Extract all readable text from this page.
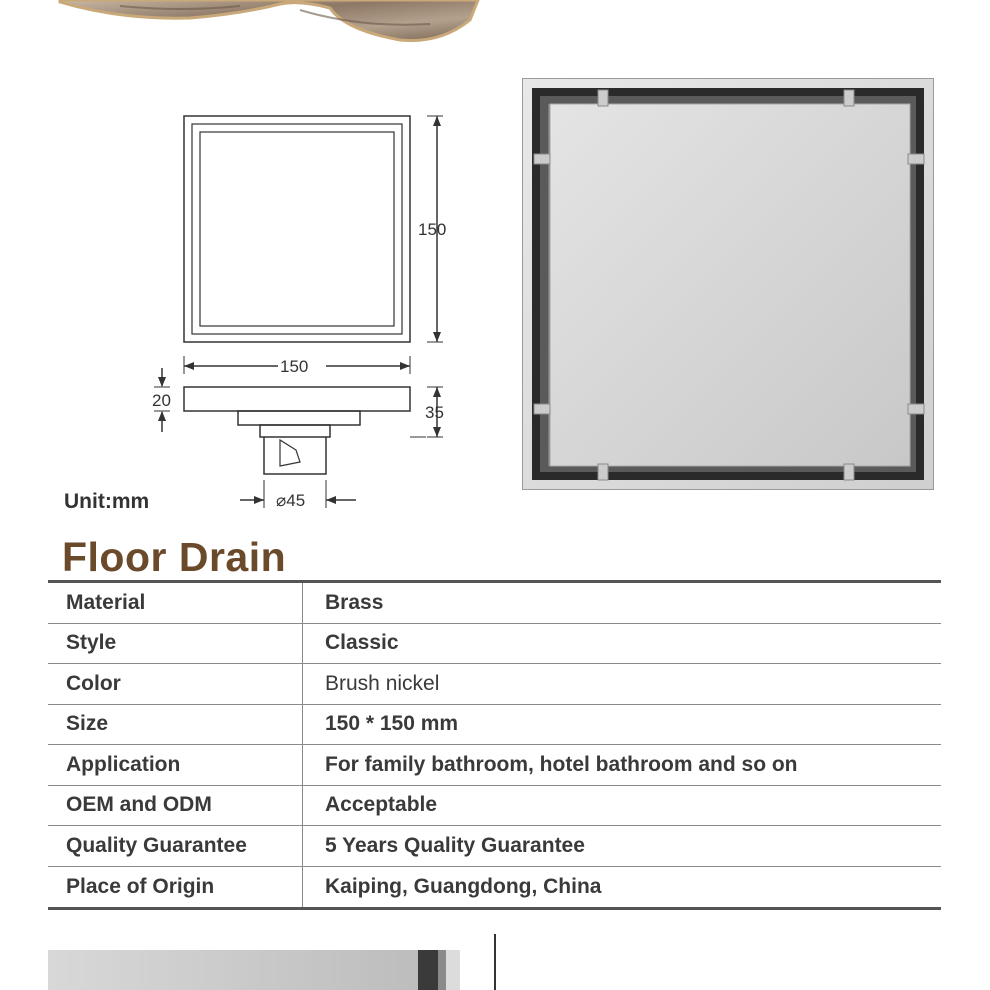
150
150
20
35
⌀45
Unit:mm
Floor Drain
Material	Brass
Style	Classic
Color	Brush nickel
Size	150 * 150 mm
Application	For family bathroom, hotel bathroom and so on
OEM and ODM	Acceptable
Quality Guarantee	5 Years Quality Guarantee
Place of Origin	Kaiping, Guangdong, China
